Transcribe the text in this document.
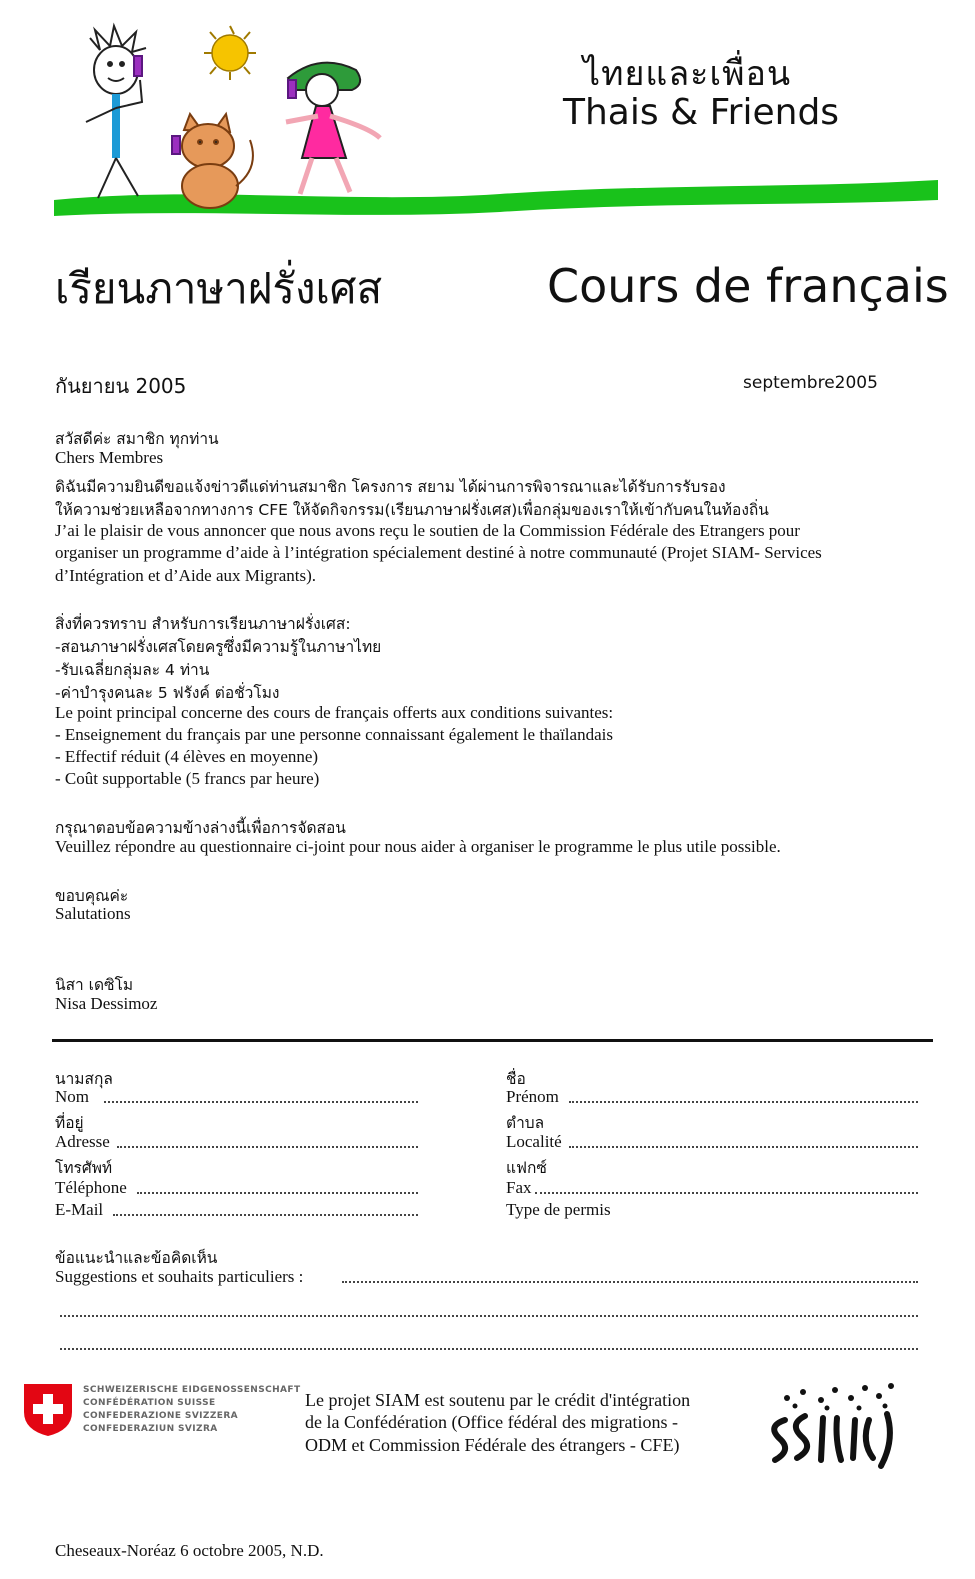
ไทยและเพื่อน
Thais & Friends
เรียนภาษาฝรั่งเศส	Cours de français
กันยายน 2005	septembre2005
สวัสดีค่ะ สมาชิก ทุกท่าน
Chers Membres
ดิฉันมีความยินดีขอแจ้งข่าวดีแด่ท่านสมาชิก โครงการ สยาม ได้ผ่านการพิจารณาและได้รับการรับรอง
ให้ความช่วยเหลือจากทางการ CFE ให้จัดกิจกรรม(เรียนภาษาฝรั่งเศส)เพื่อกลุ่มของเราให้เข้ากับคนในท้องถิ่น
J’ai le plaisir de vous annoncer que nous avons reçu le soutien de la Commission Fédérale des Etrangers pour
organiser un programme d’aide à l’intégration spécialement destiné à notre communauté (Projet SIAM- Services
d’Intégration et d’Aide aux Migrants).
สิ่งที่ควรทราบ สำหรับการเรียนภาษาฝรั่งเศส:
-สอนภาษาฝรั่งเศสโดยครูซึ่งมีความรู้ในภาษาไทย
-รับเฉลี่ยกลุ่มละ 4 ท่าน
-ค่าบำรุงคนละ 5 ฟรังค์ ต่อชั่วโมง
Le point principal concerne des cours de français offerts aux conditions suivantes:
- Enseignement du français par une personne connaissant également le thaïlandais
- Effectif réduit (4 élèves en moyenne)
- Coût supportable (5 francs par heure)
กรุณาตอบข้อความข้างล่างนี้เพื่อการจัดสอน
Veuillez répondre au questionnaire ci-joint pour nous aider à organiser le programme le plus utile possible.
ขอบคุณค่ะ
Salutations
นิสา เดซิโม
Nisa Dessimoz
นามสกุล
Nom
ที่อยู่
Adresse
โทรศัพท์
Téléphone
E-Mail
ชื่อ
Prénom
ตำบล
Localité
แฟกซ์
Fax
Type de permis
ข้อแนะนำและข้อคิดเห็น
Suggestions et souhaits particuliers :
SCHWEIZERISCHE EIDGENOSSENSCHAFT
CONFÉDÉRATION SUISSE
CONFEDERAZIONE SVIZZERA
CONFEDERAZIUN SVIZRA
Le projet SIAM est soutenu par le crédit d'intégration
de la Confédération (Office fédéral des migrations -
ODM et Commission Fédérale des étrangers - CFE)
Cheseaux-Noréaz 6 octobre 2005, N.D.
